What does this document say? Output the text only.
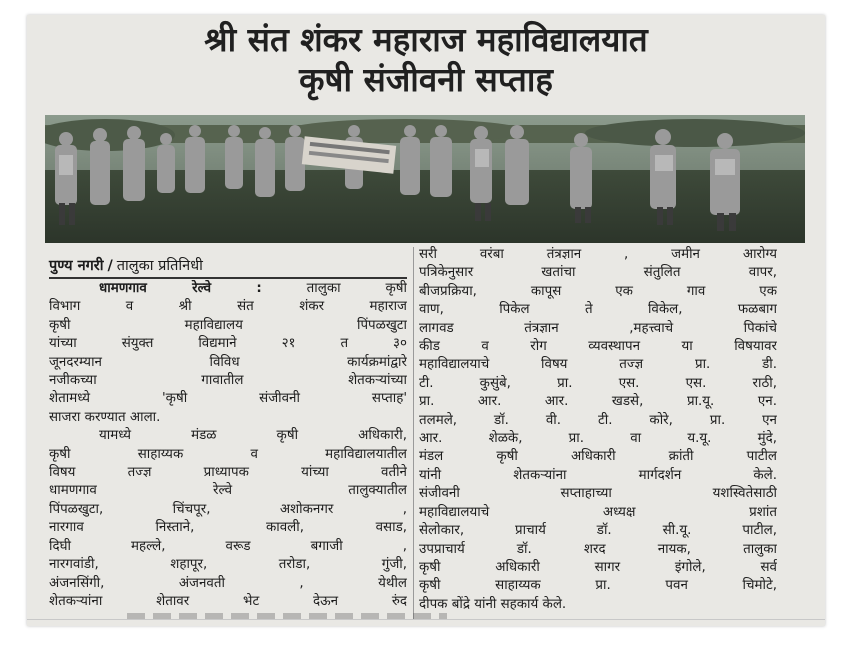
श्री संत शंकर महाराज महाविद्यालयात
कृषी संजीवनी सप्ताह
पुण्य नगरी / तालुका प्रतिनिधी
धामणगाव रेल्वे :	तालुका कृषी
विभाग व श्री संत शंकर महाराज
कृषी महाविद्यालय पिंपळखुटा
यांच्या संयुक्त विद्यमाने २१ त ३०
जूनदरम्यान विविध कार्यक्रमांद्वारे
नजीकच्या गावातील शेतकऱ्यांच्या
शेतामध्ये 'कृषी संजीवनी सप्ताह'
साजरा करण्यात आला.
यामध्ये मंडळ कृषी अधिकारी,
कृषी साहाय्यक व महाविद्यालयातील
विषय तज्ज्ञ प्राध्यापक यांच्या वतीने
धामणगाव रेल्वे तालुक्यातील
पिंपळखुटा, चिंचपूर, अशोकनगर ,
नारगाव निस्ताने, कावली, वसाड,
दिघी महल्ले, वरूड बगाजी ,
नारगवांडी, शहापूर, तरोडा, गुंजी,
अंजनसिंगी, अंजनवती , येथील
शेतकऱ्यांना शेतावर भेट देऊन रुंद
सरी वरंबा तंत्रज्ञान , जमीन आरोग्य
पत्रिकेनुसार खतांचा संतुलित वापर,
बीजप्रक्रिया, कापूस एक गाव एक
वाण, पिकेल ते विकेल, फळबाग
लागवड तंत्रज्ञान ,महत्त्वाचे पिकांचे
कीड व रोग व्यवस्थापन या विषयावर
महाविद्यालयाचे विषय तज्ज्ञ प्रा. डी.
टी. कुसुंबे, प्रा. एस. एस. राठी,
प्रा. आर. आर. खडसे, प्रा.यू. एन.
तलमले, डॉ. वी. टी. कोरे, प्रा. एन
आर. शेळके, प्रा. वा य.यू. मुंदे,
मंडल कृषी अधिकारी क्रांती पाटील
यांनी शेतकऱ्यांना मार्गदर्शन केले.
संजीवनी सप्ताहाच्या यशस्वितेसाठी
महाविद्यालयाचे अध्यक्ष प्रशांत
सेलोकार, प्राचार्य डॉ. सी.यू. पाटील,
उपप्राचार्य डॉ. शरद नायक, तालुका
कृषी अधिकारी सागर इंगोले, सर्व
कृषी साहाय्यक प्रा. पवन चिमोटे,
दीपक बोंद्रे यांनी सहकार्य केले.
